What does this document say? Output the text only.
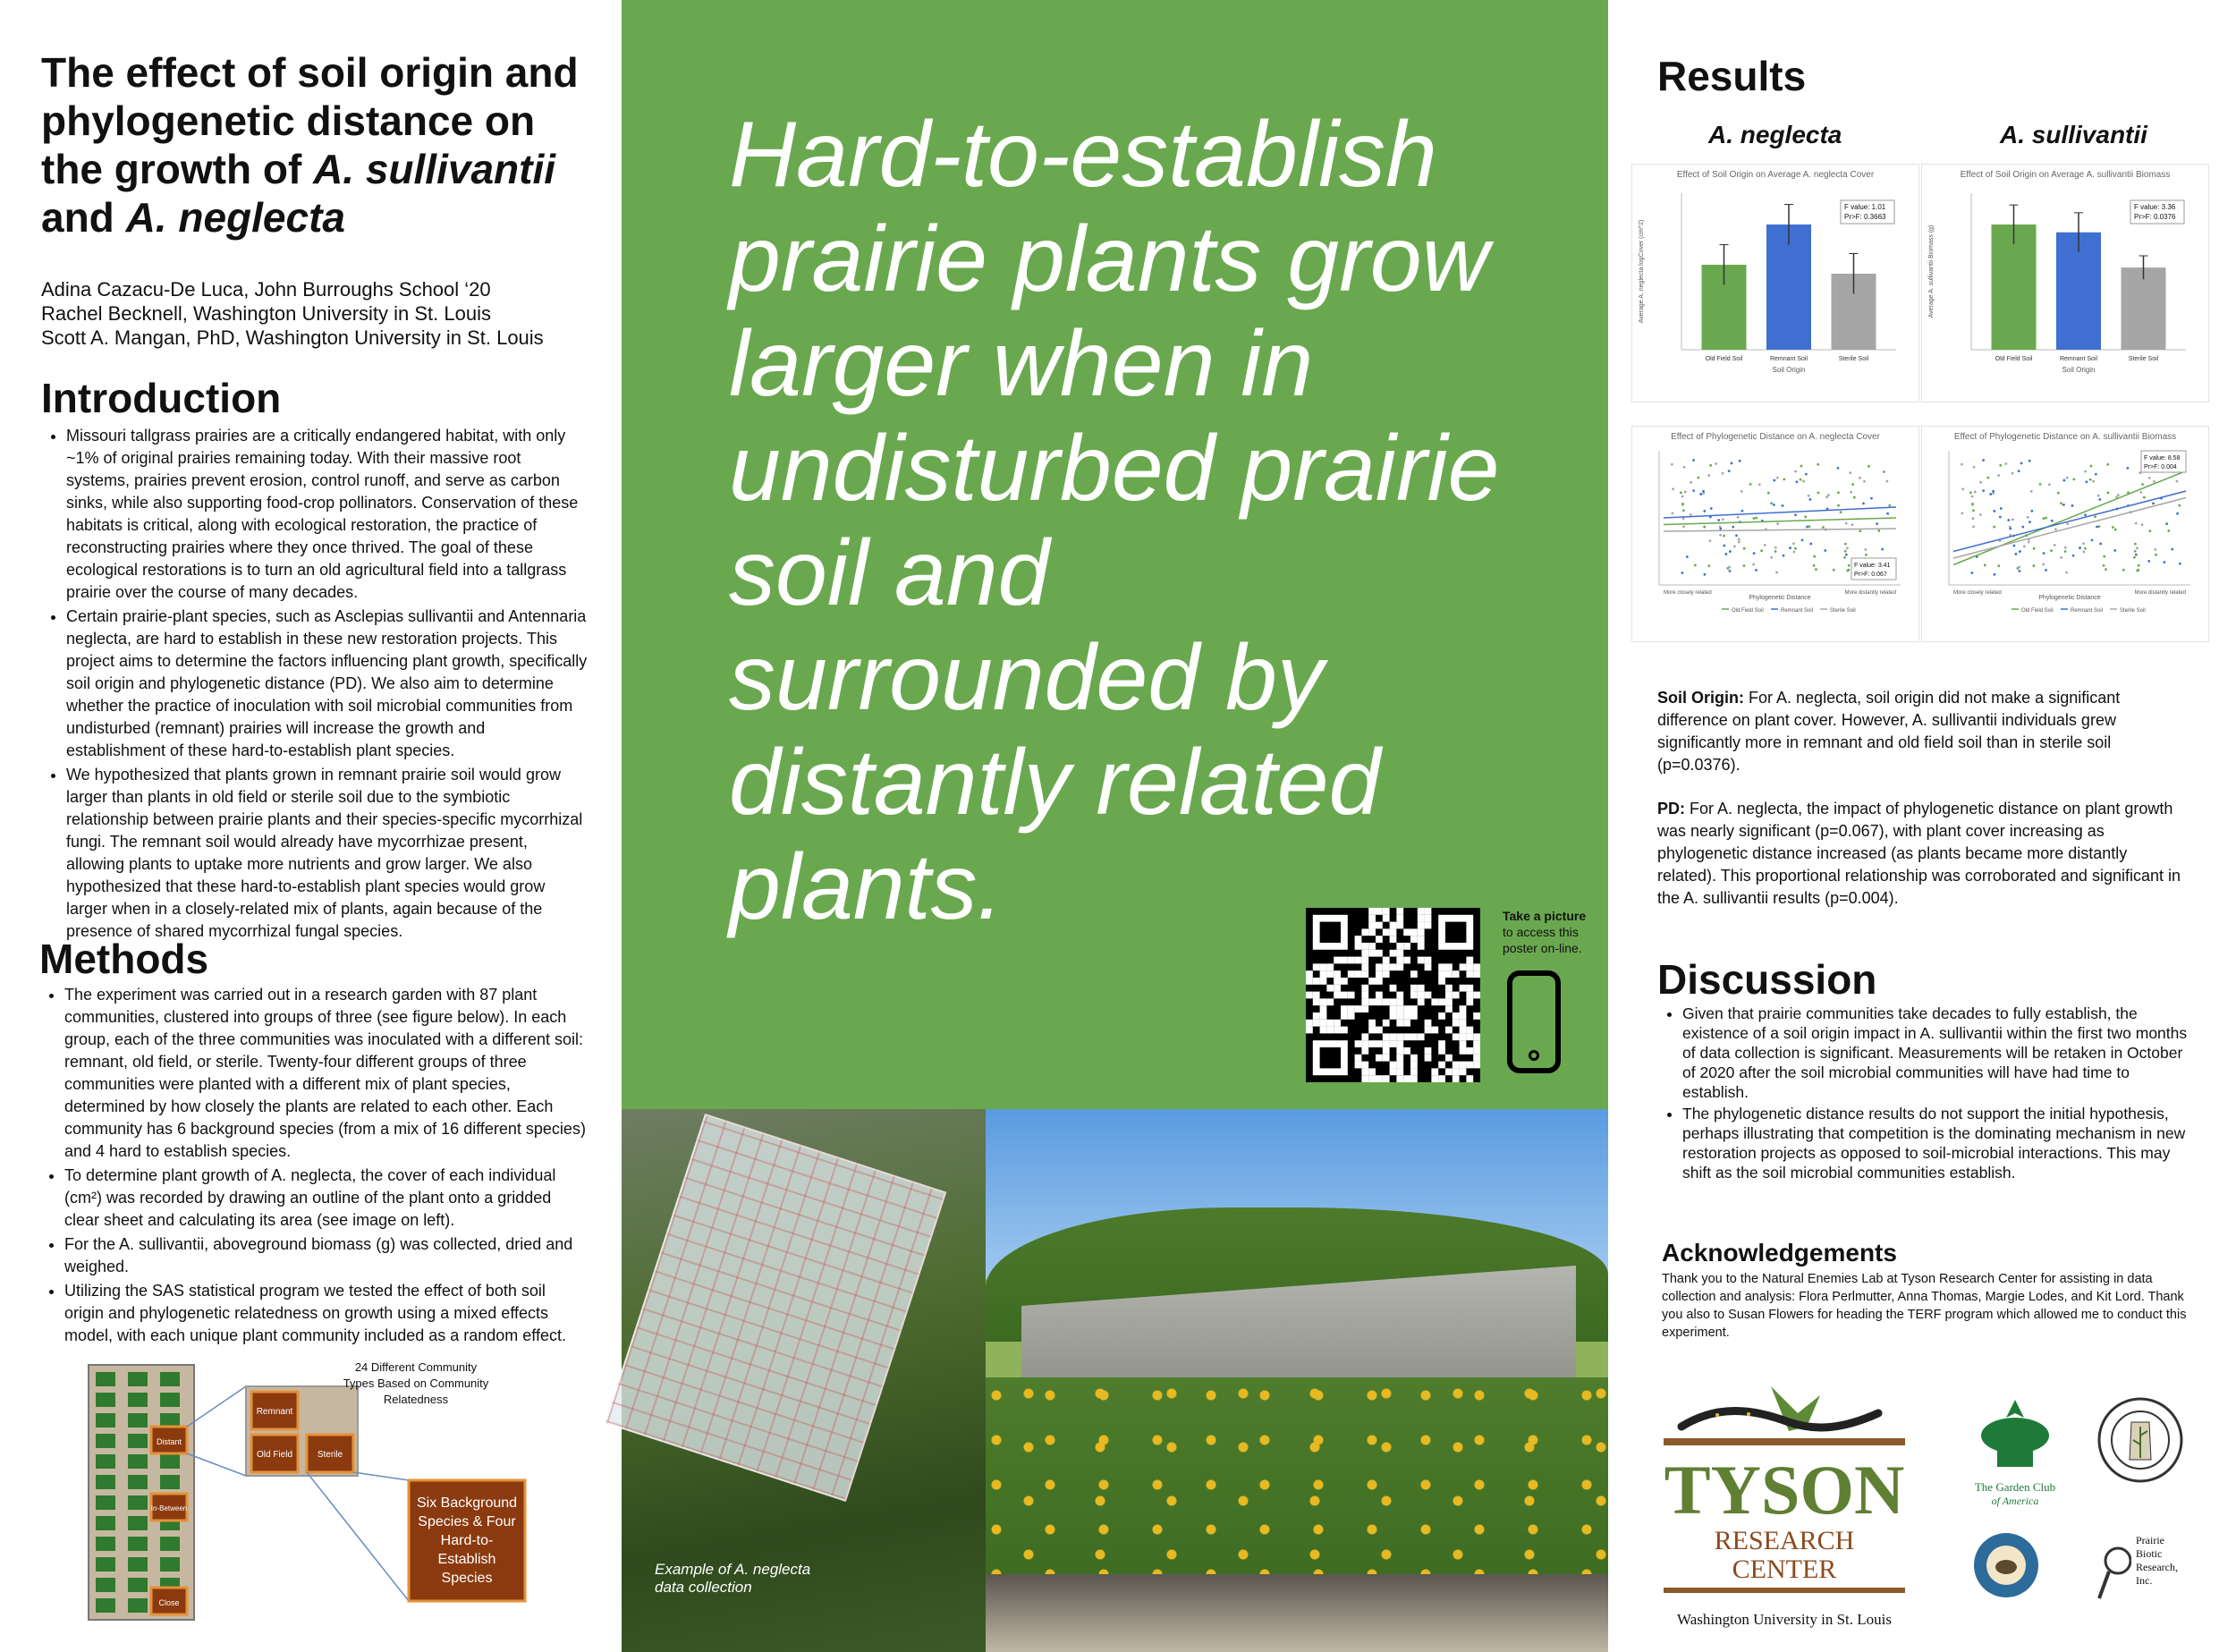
The effect of soil origin and phylogenetic distance on the growth of A. sullivantii and A. neglecta
Adina Cazacu-De Luca, John Burroughs School ‘20
Rachel Becknell, Washington University in St. Louis
Scott A. Mangan, PhD, Washington University in St. Louis
Introduction
• Missouri tallgrass prairies are a critically endangered habitat, with only ~1% of original prairies remaining today. With their massive root systems, prairies prevent erosion, control runoff, and serve as carbon sinks, while also supporting food-crop pollinators. Conservation of these habitats is critical, along with ecological restoration, the practice of reconstructing prairies where they once thrived. The goal of these ecological restorations is to turn an old agricultural field into a tallgrass prairie over the course of many decades.
• Certain prairie-plant species, such as Asclepias sullivantii and Antennaria neglecta, are hard to establish in these new restoration projects. This project aims to determine the factors influencing plant growth, specifically soil origin and phylogenetic distance (PD). We also aim to determine whether the practice of inoculation with soil microbial communities from undisturbed (remnant) prairies will increase the growth and establishment of these hard-to-establish plant species.
• We hypothesized that plants grown in remnant prairie soil would grow larger than plants in old field or sterile soil due to the symbiotic relationship between prairie plants and their species-specific mycorrhizal fungi. The remnant soil would already have mycorrhizae present, allowing plants to uptake more nutrients and grow larger. We also hypothesized that these hard-to-establish plant species would grow larger when in a closely-related mix of plants, again because of the presence of shared mycorrhizal fungal species.
Methods
• The experiment was carried out in a research garden with 87 plant communities, clustered into groups of three (see figure below). In each group, each of the three communities was inoculated with a different soil: remnant, old field, or sterile. Twenty-four different groups of three communities were planted with a different mix of plant species, determined by how closely the plants are related to each other. Each community has 6 background species (from a mix of 16 different species) and 4 hard to establish species.
• To determine plant growth of A. neglecta, the cover of each individual (cm²) was recorded by drawing an outline of the plant onto a gridded clear sheet and calculating its area (see image on left).
• For the A. sullivantii, aboveground biomass (g) was collected, dried and weighed.
• Utilizing the SAS statistical program we tested the effect of both soil origin and phylogenetic relatedness on growth using a mixed effects model, with each unique plant community included as a random effect.
Distant
In-Between
Close
Remnant
Old Field	Sterile
Six Background Species & Four Hard-to-Establish Species
24 Different Community Types Based on Community Relatedness
Hard-to-establish prairie plants grow larger when in undisturbed prairie soil and surrounded by distantly related plants.	Take a picture
to access this poster on-line.
Example of A. neglecta
data collection
Results
A. neglecta	A. sullivantii
Effect of Soil Origin on Average A. neglecta Cover
Old Field Soil	Remnant Soil	Sterile Soil
Soil Origin
Average A. neglecta logCover (cm^2)
F value: 1.01
Pr>F: 0.3663
Effect of Soil Origin on Average A. sullivantii Biomass
Old Field Soil	Remnant Soil	Sterile Soil
Soil Origin
Average A. sullivantii Biomass (g)
F value: 3.36
Pr>F: 0.0376
Effect of Phylogenetic Distance on A. neglecta Cover
F value: 3.41
Pr>F: 0.067
More closely related	More distantly related
Phylogenetic Distance
Old Field Soil	Remnant Soil	Sterile Soil
Effect of Phylogenetic Distance on A. sullivantii Biomass
F value: 8.58
Pr>F: 0.004
More closely related	More distantly related
Phylogenetic Distance
Old Field Soil	Remnant Soil	Sterile Soil
Soil Origin: For A. neglecta, soil origin did not make a significant difference on plant cover. However, A. sullivantii individuals grew significantly more in remnant and old field soil than in sterile soil (p=0.0376).
PD: For A. neglecta, the impact of phylogenetic distance on plant growth was nearly significant (p=0.067), with plant cover increasing as phylogenetic distance increased (as plants became more distantly related). This proportional relationship was corroborated and significant in the A. sullivantii results (p=0.004).
Discussion
• Given that prairie communities take decades to fully establish, the existence of a soil origin impact in A. sullivantii within the first two months of data collection is significant. Measurements will be retaken in October of 2020 after the soil microbial communities will have had time to establish.
• The phylogenetic distance results do not support the initial hypothesis, perhaps illustrating that competition is the dominating mechanism in new restoration projects as opposed to soil-microbial interactions. This may shift as the soil microbial communities establish.
Acknowledgements
Thank you to the Natural Enemies Lab at Tyson Research Center for assisting in data collection and analysis: Flora Perlmutter, Anna Thomas, Margie Lodes, and Kit Lord. Thank you also to Susan Flowers for heading the TERF program which allowed me to conduct this experiment.
TYSON
RESEARCH CENTER
Washington University in St. Louis
The Garden Club
of America
Prairie
Biotic
Research,
Inc.
